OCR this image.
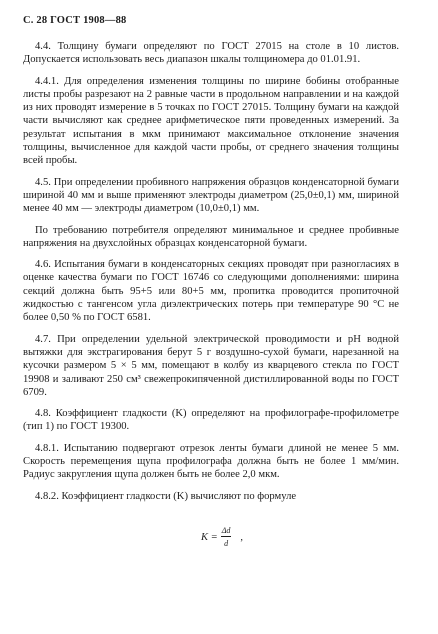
С. 28 ГОСТ 1908—88

4.4. Толщину бумаги определяют по ГОСТ 27015 на столе в 10 листов. Допускается использовать весь диапазон шкалы толщиномера до 01.01.91.

4.4.1. Для определения изменения толщины по ширине бобины отобранные листы пробы разрезают на 2 равные части в продольном направлении и на каждой из них проводят измерение в 5 точках по ГОСТ 27015. Толщину бумаги на каждой части вычисляют как среднее арифметическое пяти проведенных измерений. За результат испытания в мкм принимают максимальное отклонение значения толщины, вычисленное для каждой части пробы, от среднего значения толщины всей пробы.

4.5. При определении пробивного напряжения образцов конденсаторной бумаги шириной 40 мм и выше применяют электроды диаметром (25,0±0,1) мм, шириной менее 40 мм — электроды диаметром (10,0±0,1) мм.

По требованию потребителя определяют минимальное и среднее пробивные напряжения на двухслойных образцах конденсаторной бумаги.

4.6. Испытания бумаги в конденсаторных секциях проводят при разногласиях в оценке качества бумаги по ГОСТ 16746 со следующими дополнениями: ширина секций должна быть 95+5 или 80+5 мм, пропитка проводится пропиточной жидкостью с тангенсом угла диэлектрических потерь при температуре 90 °С не более 0,50 % по ГОСТ 6581.

4.7. При определении удельной электрической проводимости и pH водной вытяжки для экстрагирования берут 5 г воздушно-сухой бумаги, нарезанной на кусочки размером 5 × 5 мм, помещают в колбу из кварцевого стекла по ГОСТ 19908 и заливают 250 см³ свежепрокипяченной дистиллированной воды по ГОСТ 6709.

4.8. Коэффициент гладкости (K) определяют на профилографе-профилометре (тип 1) по ГОСТ 19300.

4.8.1. Испытанию подвергают отрезок ленты бумаги длиной не менее 5 мм. Скорость перемещения щупа профилографа должна быть не более 1 мм/мин. Радиус закругления щупа должен быть не более 2,0 мкм.

4.8.2. Коэффициент гладкости (K) вычисляют по формуле

$K = \frac{\Delta d}{d}$ ,
